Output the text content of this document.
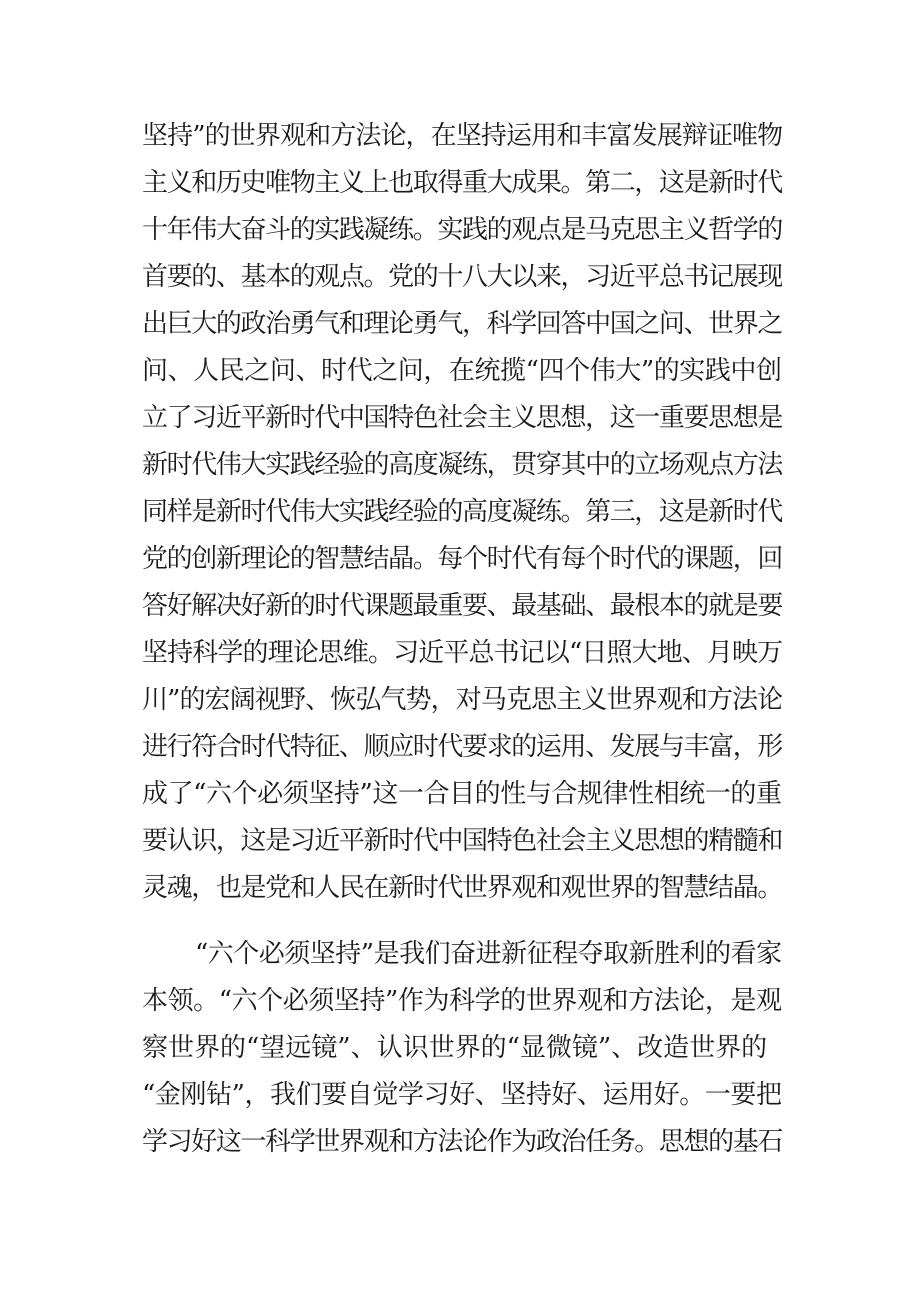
坚持”的世界观和方法论，在坚持运用和丰富发展辩证唯物
主义和历史唯物主义上也取得重大成果。第二，这是新时代
十年伟大奋斗的实践凝练。实践的观点是马克思主义哲学的
首要的、基本的观点。党的十八大以来，习近平总书记展现
出巨大的政治勇气和理论勇气，科学回答中国之问、世界之
问、人民之问、时代之问，在统揽“四个伟大”的实践中创
立了习近平新时代中国特色社会主义思想，这一重要思想是
新时代伟大实践经验的高度凝练，贯穿其中的立场观点方法
同样是新时代伟大实践经验的高度凝练。第三，这是新时代
党的创新理论的智慧结晶。每个时代有每个时代的课题，回
答好解决好新的时代课题最重要、最基础、最根本的就是要
坚持科学的理论思维。习近平总书记以“日照大地、月映万
川”的宏阔视野、恢弘气势，对马克思主义世界观和方法论
进行符合时代特征、顺应时代要求的运用、发展与丰富，形
成了“六个必须坚持”这一合目的性与合规律性相统一的重
要认识，这是习近平新时代中国特色社会主义思想的精髓和
灵魂，也是党和人民在新时代世界观和观世界的智慧结晶。
“六个必须坚持”是我们奋进新征程夺取新胜利的看家
本领。“六个必须坚持”作为科学的世界观和方法论，是观
察世界的“望远镜”、认识世界的“显微镜”、改造世界的
“金刚钻”，我们要自觉学习好、坚持好、运用好。一要把
学习好这一科学世界观和方法论作为政治任务。思想的基石
